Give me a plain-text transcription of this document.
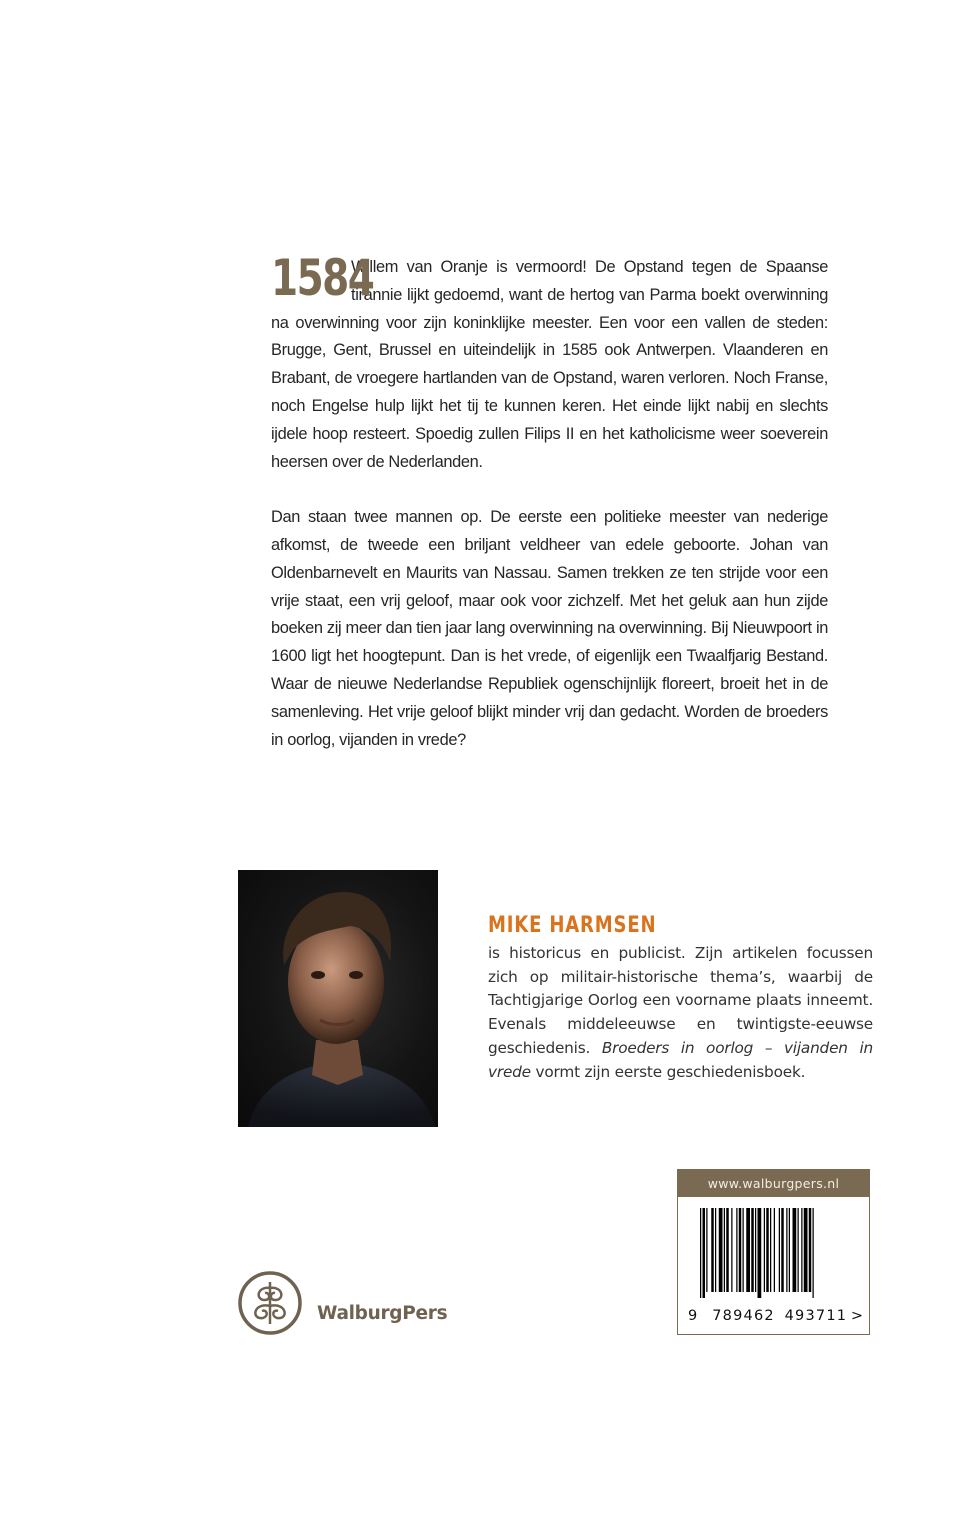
1584
Willem van Oranje is vermoord! De Opstand tegen de Spaanse tirannie lijkt gedoemd, want de hertog van Parma boekt overwinning na overwinning voor zijn koninklijke meester. Een voor een vallen de steden: Brugge, Gent, Brussel en uiteindelijk in 1585 ook Antwerpen. Vlaanderen en Brabant, de vroegere hartlanden van de Opstand, waren verloren. Noch Franse, noch Engelse hulp lijkt het tij te kunnen keren. Het einde lijkt nabij en slechts ijdele hoop resteert. Spoedig zullen Filips II en het katholicisme weer soeverein heersen over de Nederlanden.

Dan staan twee mannen op. De eerste een politieke meester van nederige afkomst, de tweede een briljant veldheer van edele geboorte. Johan van Oldenbarnevelt en Maurits van Nassau. Samen trekken ze ten strijde voor een vrije staat, een vrij geloof, maar ook voor zichzelf. Met het geluk aan hun zijde boeken zij meer dan tien jaar lang overwinning na overwinning. Bij Nieuwpoort in 1600 ligt het hoogtepunt. Dan is het vrede, of eigenlijk een Twaalfjarig Bestand. Waar de nieuwe Nederlandse Republiek ogenschijnlijk floreert, broeit het in de samenleving. Het vrije geloof blijkt minder vrij dan gedacht. Worden de broeders in oorlog, vijanden in vrede?

MIKE HARMSEN
is historicus en publicist. Zijn artikelen focussen zich op militair-historische thema’s, waarbij de Tachtigjarige Oorlog een voorname plaats inneemt. Evenals middeleeuwse en twintigste-eeuwse geschiedenis. Broeders in oorlog – vijanden in vrede vormt zijn eerste geschiedenisboek.
WalburgPers
www.walburgpers.nl
9 789462 493711 >
